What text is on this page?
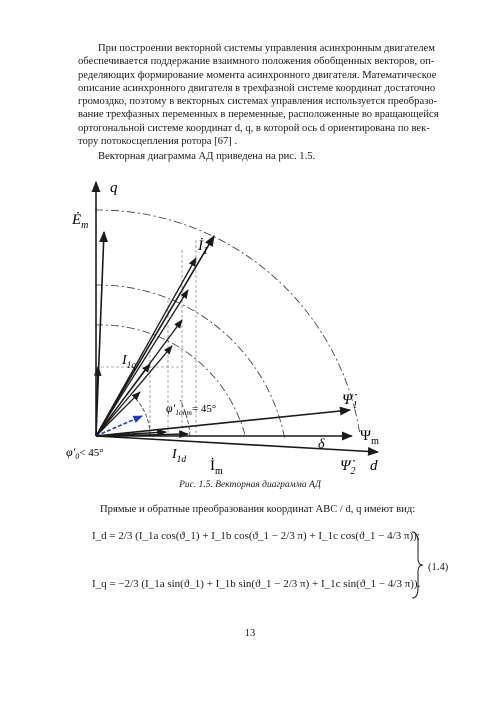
При построении векторной системы управления асинхронным двигателем
обеспечивается поддержание взаимного положения обобщенных векторов, оп-
ределяющих формирование момента асинхронного двигателя. Математическое
описание асинхронного двигателя в трехфазной системе координат достаточно
громоздко, поэтому в векторных системах управления используется преобразо-
вание трехфазных переменных в переменные, расположенные во вращающейся
ортогональной системе координат d, q, в которой ось d ориентирована по век-
тору потокосцепления ротора [67] .
Векторная диаграмма АД приведена на рис. 1.5.
q
$Ė_m$
$İ_1$
$I_{1q}$
$\varphi'_{1опт}= 45^\circ$
$\varphi'_0< 45^\circ$	$I_{1d}$ $İ_m$
$\Psi̇_1$
δ
$\Psi_m$
$\Psi̇_2$ d
Рис. 1.5. Векторная диаграмма АД
Прямые и обратные преобразования координат АВС / d, q имеют вид:
I_d = 2/3 (I_1a cos(ϑ_1) + I_1b cos(ϑ_1 − 2/3 π) + I_1c cos(ϑ_1 − 4/3 π));
I_q = −2/3 (I_1a sin(ϑ_1) + I_1b sin(ϑ_1 − 2/3 π) + I_1c sin(ϑ_1 − 4/3 π)).
(1.4)
13
